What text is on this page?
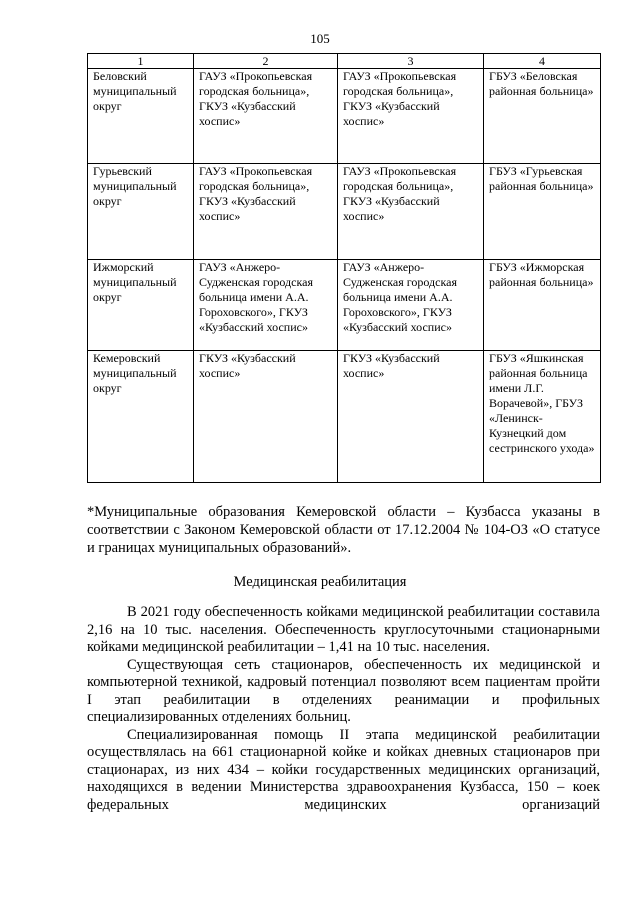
105
1	2	3	4
Беловский муниципальный округ	ГАУЗ «Прокопьевская городская больница», ГКУЗ «Кузбасский хоспис»	ГАУЗ «Прокопьевская городская больница», ГКУЗ «Кузбасский хоспис»	ГБУЗ «Беловская районная больница»
Гурьевский муниципальный округ	ГАУЗ «Прокопьевская городская больница», ГКУЗ «Кузбасский хоспис»	ГАУЗ «Прокопьевская городская больница», ГКУЗ «Кузбасский хоспис»	ГБУЗ «Гурьевская районная больница»
Ижморский муниципальный округ	ГАУЗ «Анжеро-Судженская городская больница имени А.А. Гороховского», ГКУЗ «Кузбасский хоспис»	ГАУЗ «Анжеро-Судженская городская больница имени А.А. Гороховского», ГКУЗ «Кузбасский хоспис»	ГБУЗ «Ижморская районная больница»
Кемеровский муниципальный округ	ГКУЗ «Кузбасский хоспис»	ГКУЗ «Кузбасский хоспис»	ГБУЗ «Яшкинская районная больница имени Л.Г. Ворачевой», ГБУЗ «Ленинск-Кузнецкий дом сестринского ухода»
*Муниципальные образования Кемеровской области – Кузбасса указаны в соответствии с Законом Кемеровской области от 17.12.2004 № 104-ОЗ «О статусе и границах муниципальных образований».
Медицинская реабилитация

В 2021 году обеспеченность койками медицинской реабилитации составила 2,16 на 10 тыс. населения. Обеспеченность круглосуточными стационарными койками медицинской реабилитации – 1,41 на 10 тыс. населения.

Существующая сеть стационаров, обеспеченность их медицинской и компьютерной техникой, кадровый потенциал позволяют всем пациентам пройти I этап реабилитации в отделениях реанимации и профильных специализированных отделениях больниц.

Специализированная помощь II этапа медицинской реабилитации осуществлялась на 661 стационарной койке и койках дневных стационаров при стационарах, из них 434 – койки государственных медицинских организаций, находящихся в ведении Министерства здравоохранения Кузбасса, 150 – коек федеральных медицинских организаций
